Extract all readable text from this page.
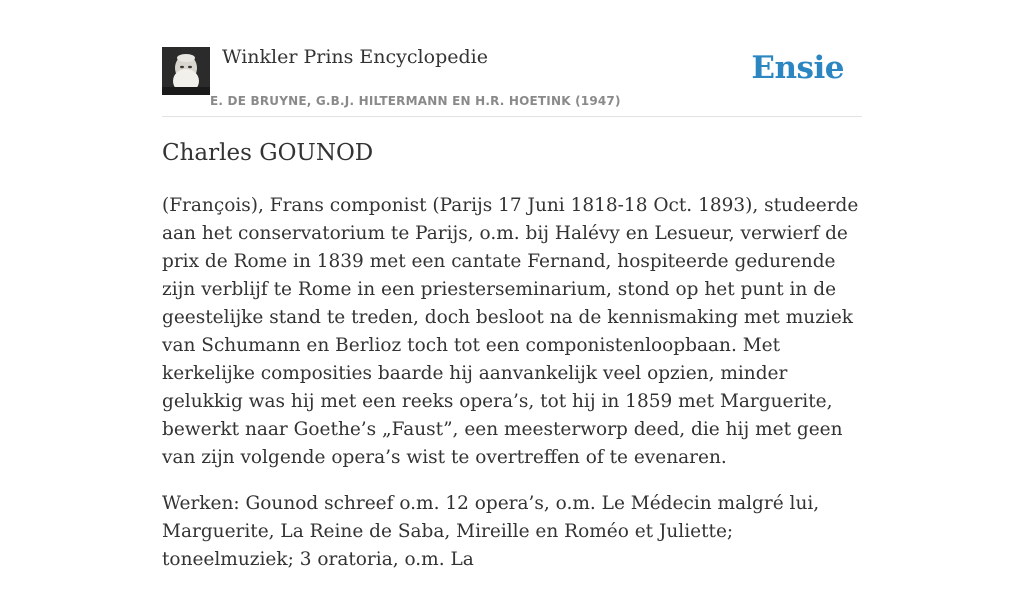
Winkler Prins Encyclopedie
E. DE BRUYNE, G.B.J. HILTERMANN EN H.R. HOETINK (1947)
Ensie
Charles GOUNOD

(François), Frans componist (Parijs 17 Juni 1818-18 Oct. 1893), studeerde aan het conservatorium te Parijs, o.m. bij Halévy en Lesueur, verwierf de prix de Rome in 1839 met een cantate Fernand, hospiteerde gedurende zijn verblijf te Rome in een priesterseminarium, stond op het punt in de geestelijke stand te treden, doch besloot na de kennismaking met muziek van Schumann en Berlioz toch tot een componistenloopbaan. Met kerkelijke composities baarde hij aanvankelijk veel opzien, minder gelukkig was hij met een reeks opera’s, tot hij in 1859 met Marguerite, bewerkt naar Goethe’s „Faust”, een meesterworp deed, die hij met geen van zijn volgende opera’s wist te overtreffen of te evenaren.

Werken: Gounod schreef o.m. 12 opera’s, o.m. Le Médecin malgré lui, Marguerite, La Reine de Saba, Mireille en Roméo et Juliette; toneelmuziek; 3 oratoria, o.m. La
